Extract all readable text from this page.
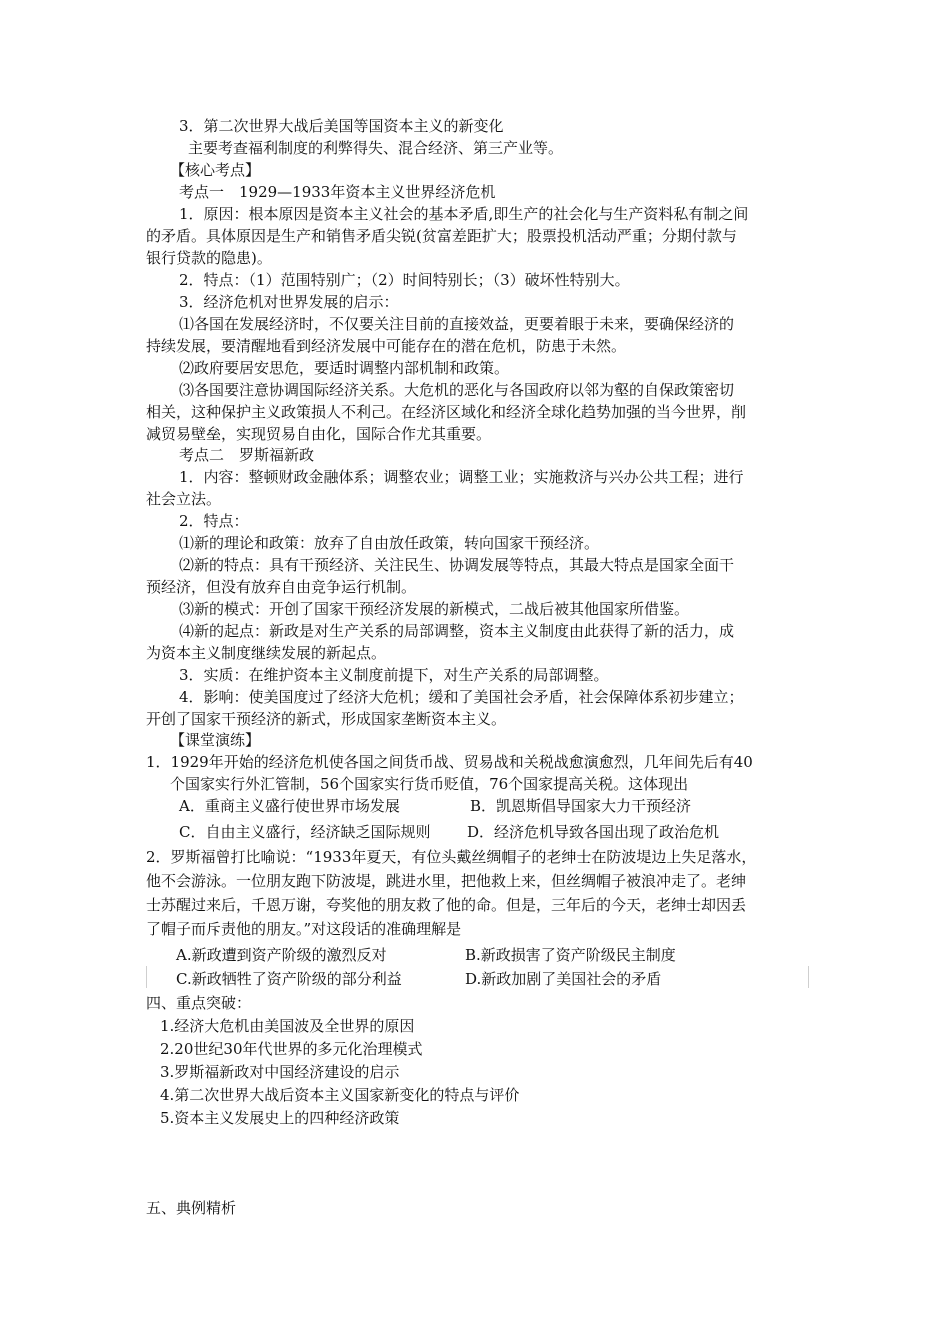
3．第二次世界大战后美国等国资本主义的新变化
主要考查福利制度的利弊得失、混合经济、第三产业等。
【核心考点】
考点一　1929—1933年资本主义世界经济危机
1．原因：根本原因是资本主义社会的基本矛盾,即生产的社会化与生产资料私有制之间
的矛盾。具体原因是生产和销售矛盾尖锐(贫富差距扩大；股票投机活动严重；分期付款与
银行贷款的隐患)。
2．特点：（1）范围特别广；（2）时间特别长；（3）破坏性特别大。
3．经济危机对世界发展的启示：
⑴各国在发展经济时，不仅要关注目前的直接效益，更要着眼于未来，要确保经济的
持续发展，要清醒地看到经济发展中可能存在的潜在危机，防患于未然。
⑵政府要居安思危，要适时调整内部机制和政策。
⑶各国要注意协调国际经济关系。大危机的恶化与各国政府以邻为壑的自保政策密切
相关，这种保护主义政策损人不利己。在经济区域化和经济全球化趋势加强的当今世界，削
减贸易壁垒，实现贸易自由化，国际合作尤其重要。
考点二　罗斯福新政
1．内容：整顿财政金融体系；调整农业；调整工业；实施救济与兴办公共工程；进行
社会立法。
2．特点：
⑴新的理论和政策：放弃了自由放任政策，转向国家干预经济。
⑵新的特点：具有干预经济、关注民生、协调发展等特点，其最大特点是国家全面干
预经济，但没有放弃自由竞争运行机制。
⑶新的模式：开创了国家干预经济发展的新模式，二战后被其他国家所借鉴。
⑷新的起点：新政是对生产关系的局部调整，资本主义制度由此获得了新的活力，成
为资本主义制度继续发展的新起点。
3．实质：在维护资本主义制度前提下，对生产关系的局部调整。
4．影响：使美国度过了经济大危机；缓和了美国社会矛盾，社会保障体系初步建立；
开创了国家干预经济的新式，形成国家垄断资本主义。
【课堂演练】
1．1929年开始的经济危机使各国之间货币战、贸易战和关税战愈演愈烈，几年间先后有40
个国家实行外汇管制，56个国家实行货币贬值，76个国家提高关税。这体现出
A．重商主义盛行使世界市场发展	B．凯恩斯倡导国家大力干预经济
C．自由主义盛行，经济缺乏国际规则 D．经济危机导致各国出现了政治危机
2．罗斯福曾打比喻说：“1933年夏天，有位头戴丝绸帽子的老绅士在防波堤边上失足落水，
他不会游泳。一位朋友跑下防波堤，跳进水里，把他救上来，但丝绸帽子被浪冲走了。老绅
士苏醒过来后，千恩万谢，夸奖他的朋友救了他的命。但是，三年后的今天，老绅士却因丢
了帽子而斥责他的朋友。”对这段话的准确理解是
A.新政遭到资产阶级的激烈反对	B.新政损害了资产阶级民主制度
C.新政牺牲了资产阶级的部分利益	D.新政加剧了美国社会的矛盾
四、重点突破：
1.经济大危机由美国波及全世界的原因
2.20世纪30年代世界的多元化治理模式
3.罗斯福新政对中国经济建设的启示
4.第二次世界大战后资本主义国家新变化的特点与评价
5.资本主义发展史上的四种经济政策
五、典例精析
